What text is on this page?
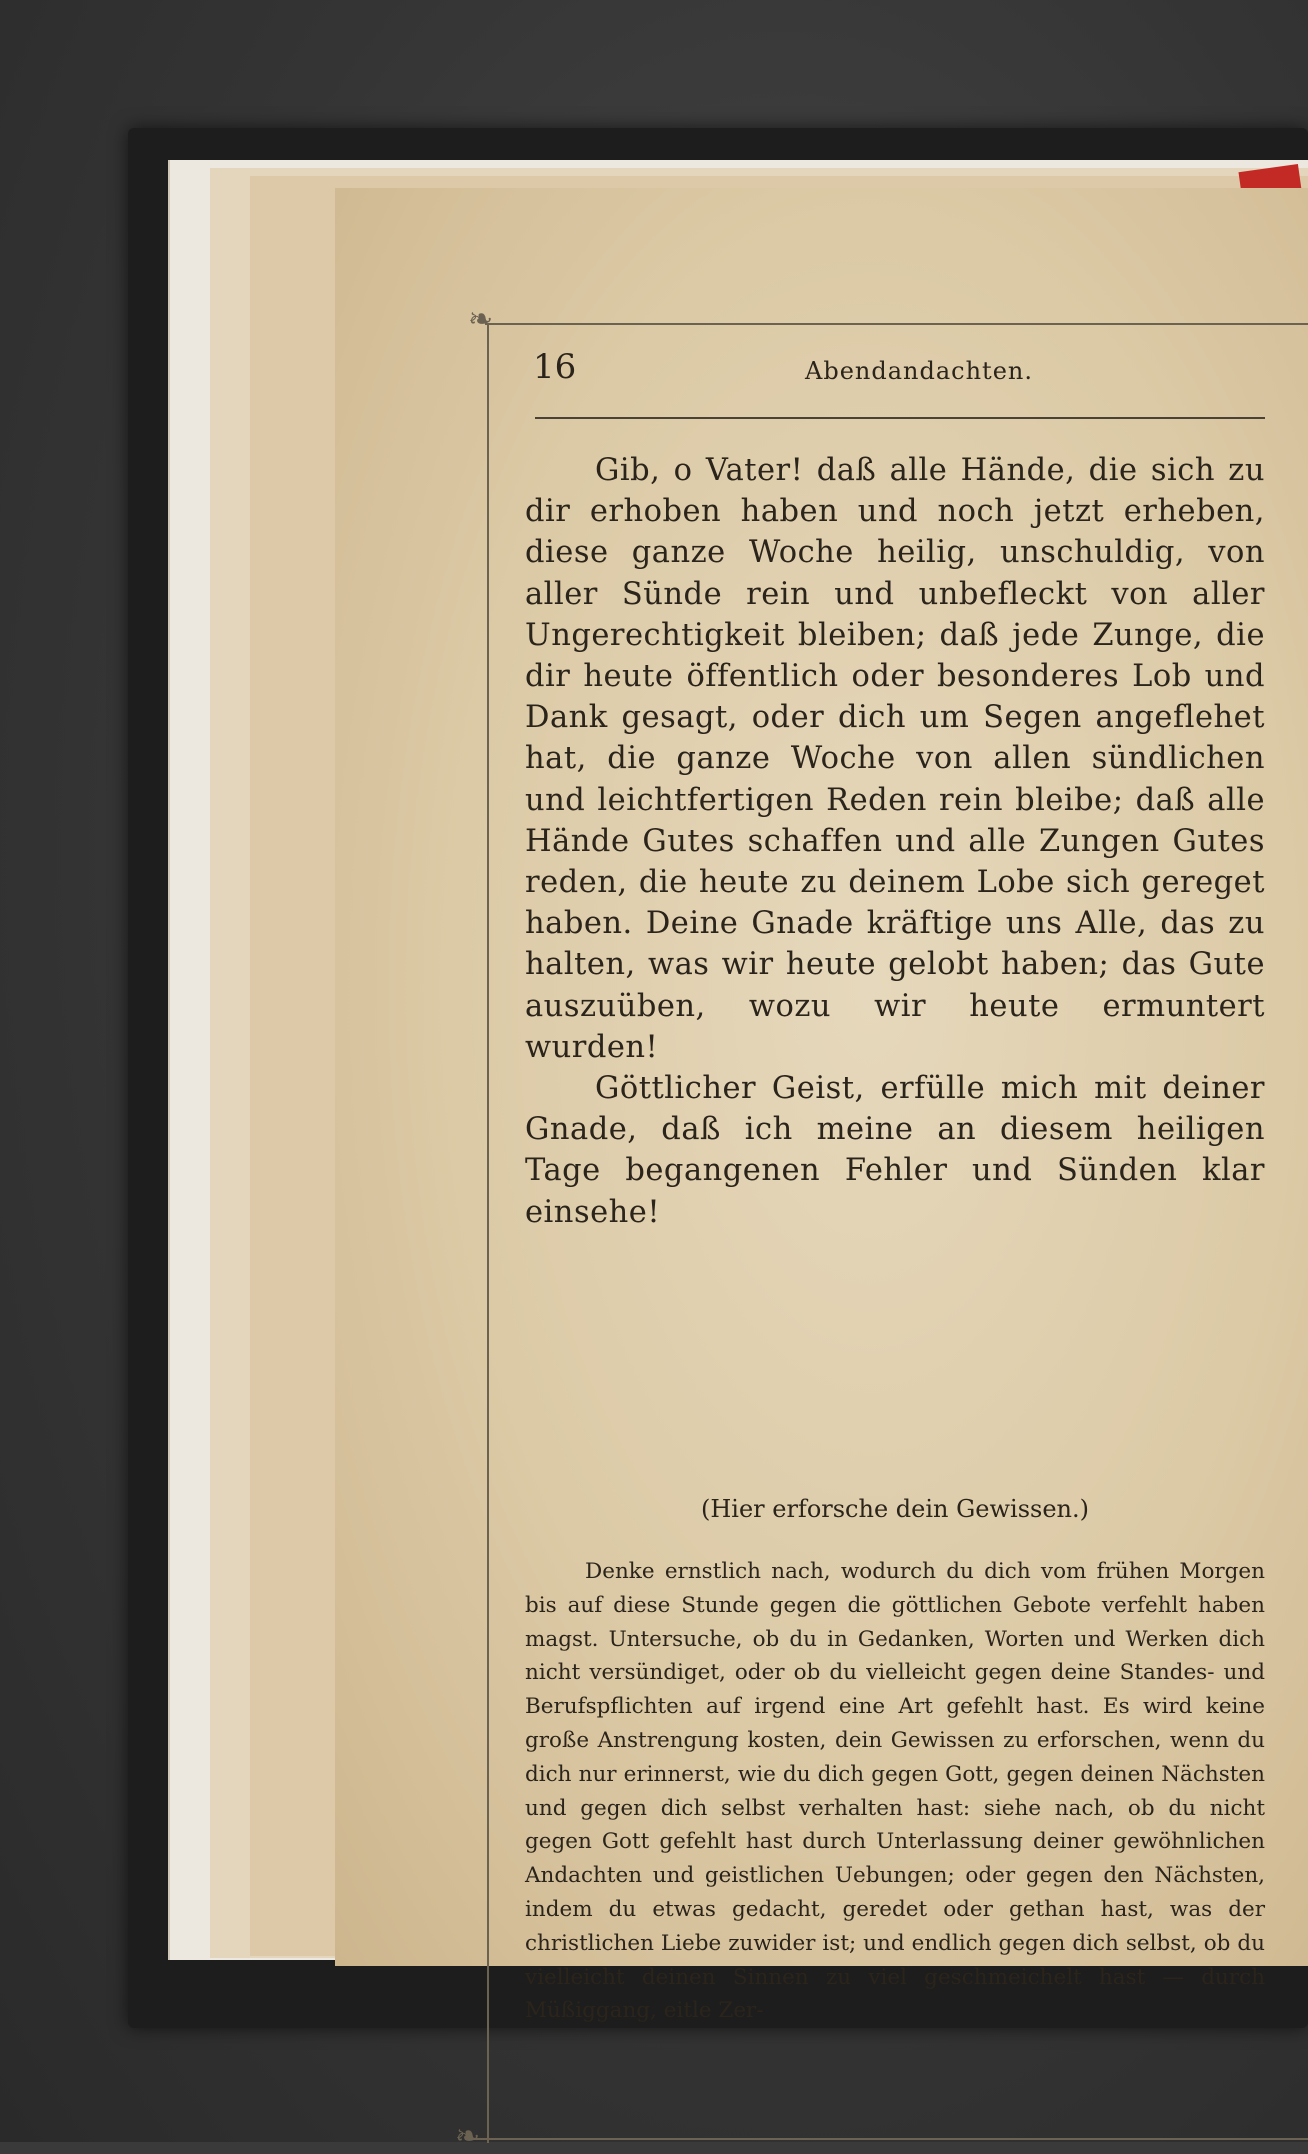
❧
❧
16	Abendandachten.

Gib, o Vater! daß alle Hände, die sich zu dir erhoben haben und noch jetzt erheben, diese ganze Woche heilig, unschuldig, von aller Sünde rein und unbefleckt von aller Ungerechtigkeit bleiben; daß jede Zunge, die dir heute öffentlich oder besonderes Lob und Dank gesagt, oder dich um Segen angeflehet hat, die ganze Woche von allen sündlichen und leichtfertigen Reden rein bleibe; daß alle Hände Gutes schaffen und alle Zungen Gutes reden, die heute zu deinem Lobe sich gereget haben. Deine Gnade kräftige uns Alle, das zu halten, was wir heute gelobt haben; das Gute auszuüben, wozu wir heute ermuntert wurden!

Göttlicher Geist, erfülle mich mit deiner Gnade, daß ich meine an diesem heiligen Tage begangenen Fehler und Sünden klar einsehe!

(Hier erforsche dein Gewissen.)

Denke ernstlich nach, wodurch du dich vom frühen Morgen bis auf diese Stunde gegen die göttlichen Gebote verfehlt haben magst. Untersuche, ob du in Gedanken, Worten und Werken dich nicht versündiget, oder ob du vielleicht gegen deine Standes- und Berufspflichten auf irgend eine Art gefehlt hast. Es wird keine große Anstrengung kosten, dein Gewissen zu erforschen, wenn du dich nur erinnerst, wie du dich gegen Gott, gegen deinen Nächsten und gegen dich selbst verhalten hast: siehe nach, ob du nicht gegen Gott gefehlt hast durch Unterlassung deiner gewöhnlichen Andachten und geistlichen Uebungen; oder gegen den Nächsten, indem du etwas gedacht, geredet oder gethan hast, was der christlichen Liebe zuwider ist; und endlich gegen dich selbst, ob du vielleicht deinen Sinnen zu viel geschmeichelt hast — durch Müßiggang, eitle Zer-
